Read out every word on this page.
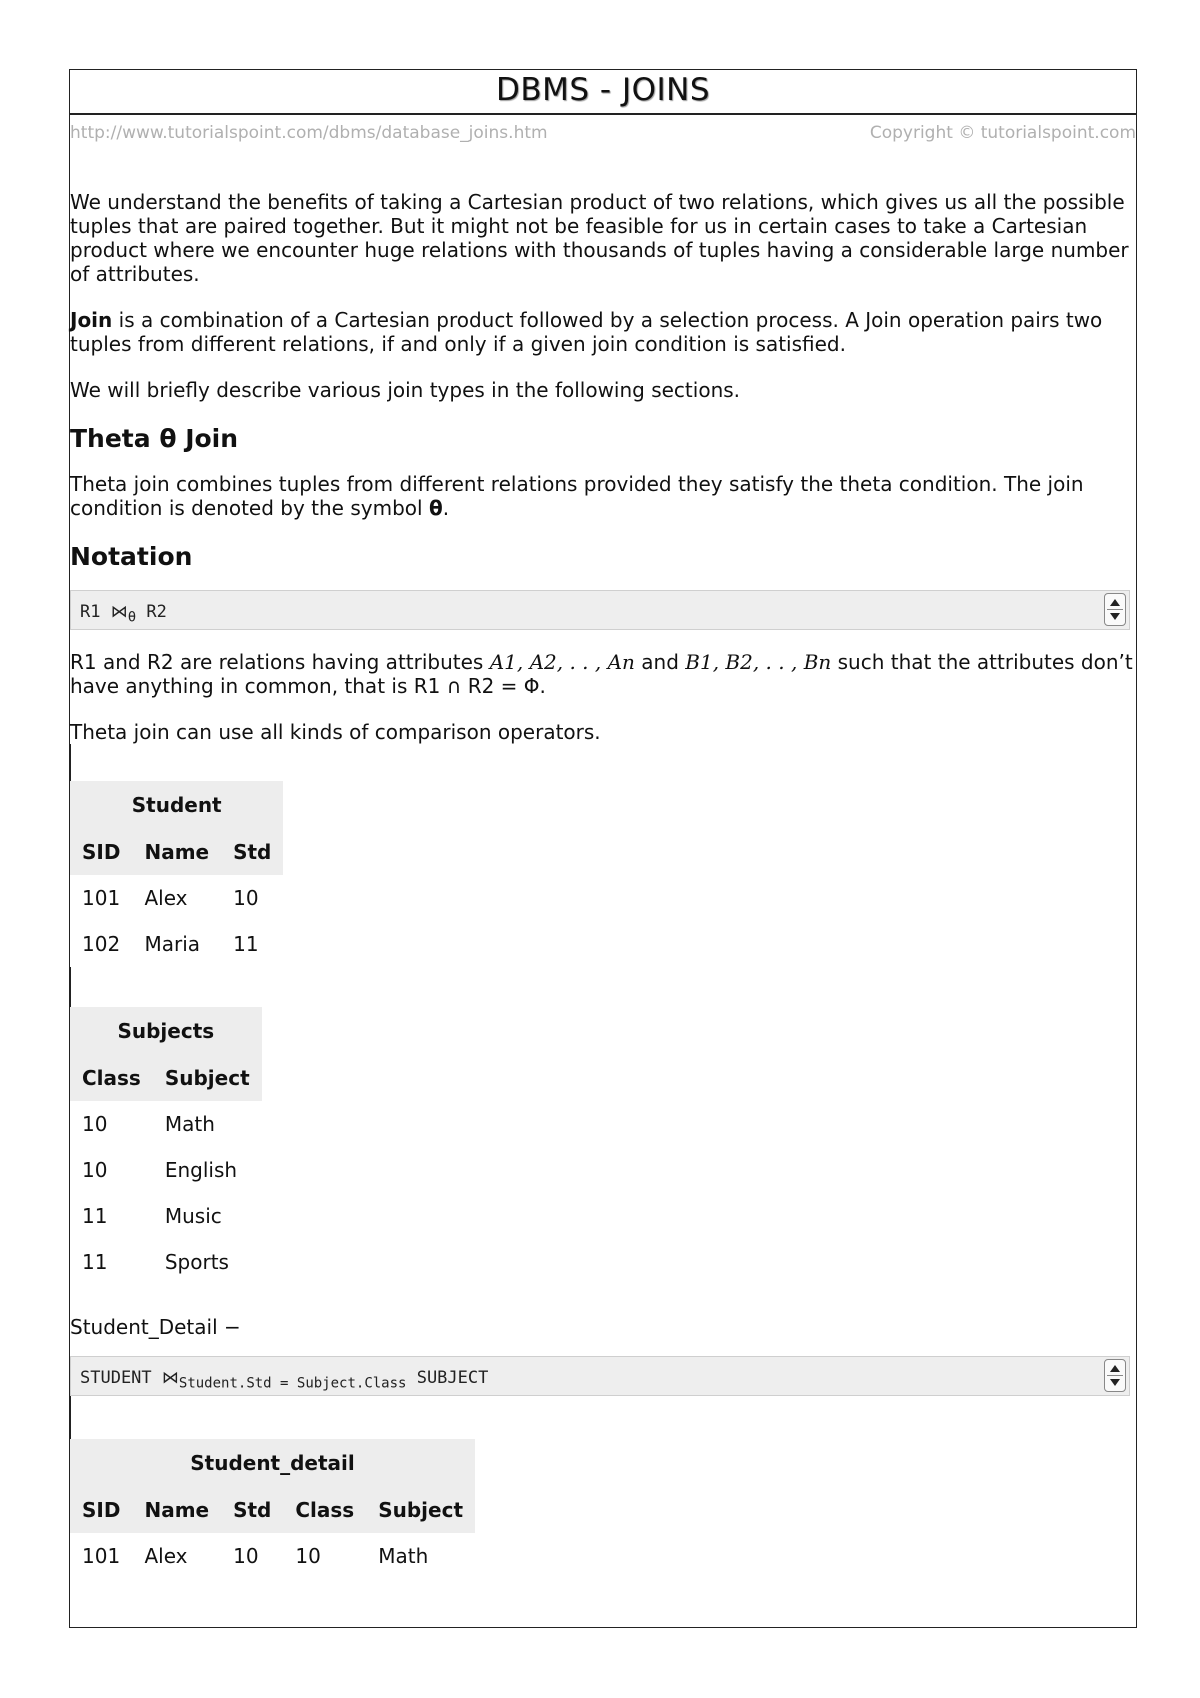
DBMS - JOINS
http://www.tutorialspoint.com/dbms/database_joins.htm	Copyright © tutorialspoint.com

We understand the benefits of taking a Cartesian product of two relations, which gives us all the possible tuples that are paired together. But it might not be feasible for us in certain cases to take a Cartesian product where we encounter huge relations with thousands of tuples having a considerable large number of attributes.

Join is a combination of a Cartesian product followed by a selection process. A Join operation pairs two tuples from different relations, if and only if a given join condition is satisfied.

We will briefly describe various join types in the following sections.

Theta θ Join

Theta join combines tuples from different relations provided they satisfy the theta condition. The join condition is denoted by the symbol θ.

Notation
R1 $⋈_\theta$ R2

R1 and R2 are relations having attributes A1, A2, . . , An and B1, B2, . . , Bn such that the attributes don’t have anything in common, that is R1 ∩ R2 = Φ.

Theta join can use all kinds of comparison operators.

Student		
SID	Name	Std
101	Alex	10
102	Maria	11
Subjects	
Class	Subject
10	Math
10	English
11	Music
11	Sports

Student_Detail −

STUDENT $⋈_{Student.Std = Subject.Class}$ SUBJECT
Student_detail				
SID	Name	Std	Class	Subject
101	Alex	10	10	Math
